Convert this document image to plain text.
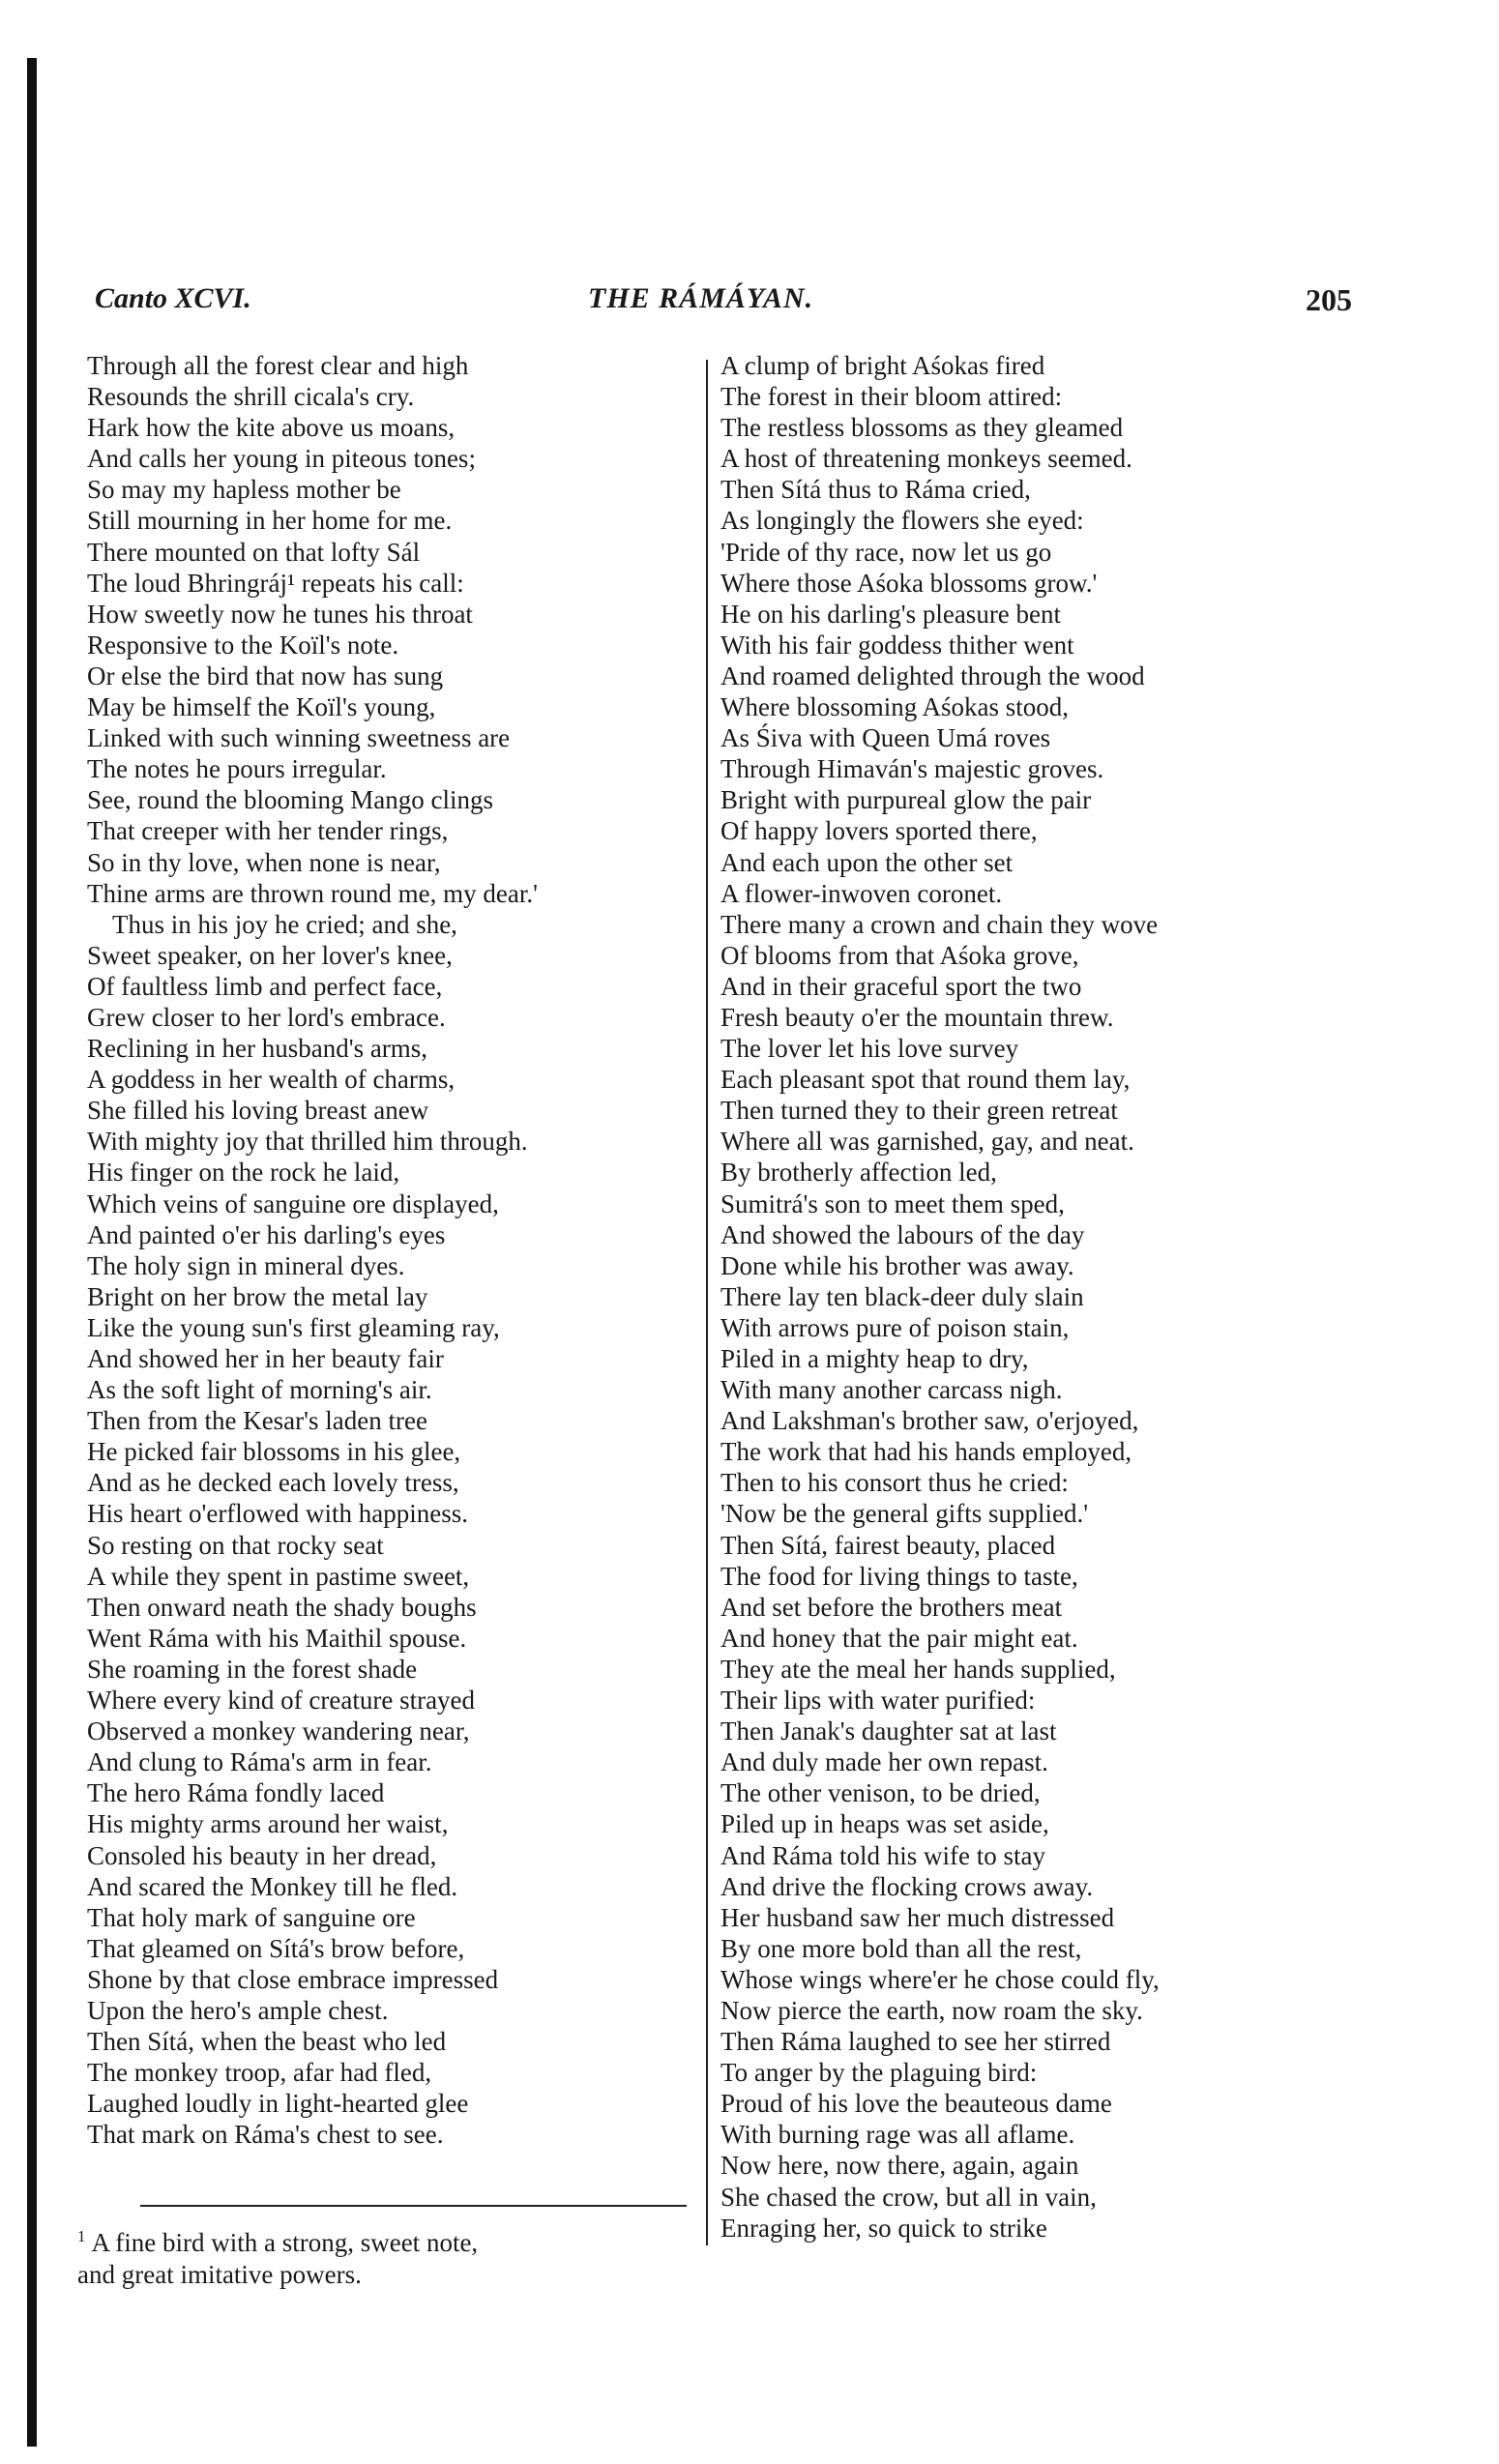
Canto XCVI.	THE RÁMÁYAN.	205
Through all the forest clear and high
Resounds the shrill cicala's cry.
Hark how the kite above us moans,
And calls her young in piteous tones;
So may my hapless mother be
Still mourning in her home for me.
There mounted on that lofty Sál
The loud Bhringráj¹ repeats his call:
How sweetly now he tunes his throat
Responsive to the Koïl's note.
Or else the bird that now has sung
May be himself the Koïl's young,
Linked with such winning sweetness are
The notes he pours irregular.
See, round the blooming Mango clings
That creeper with her tender rings,
So in thy love, when none is near,
Thine arms are thrown round me, my dear.'
Thus in his joy he cried; and she,
Sweet speaker, on her lover's knee,
Of faultless limb and perfect face,
Grew closer to her lord's embrace.
Reclining in her husband's arms,
A goddess in her wealth of charms,
She filled his loving breast anew
With mighty joy that thrilled him through.
His finger on the rock he laid,
Which veins of sanguine ore displayed,
And painted o'er his darling's eyes
The holy sign in mineral dyes.
Bright on her brow the metal lay
Like the young sun's first gleaming ray,
And showed her in her beauty fair
As the soft light of morning's air.
Then from the Kesar's laden tree
He picked fair blossoms in his glee,
And as he decked each lovely tress,
His heart o'erflowed with happiness.
So resting on that rocky seat
A while they spent in pastime sweet,
Then onward neath the shady boughs
Went Ráma with his Maithil spouse.
She roaming in the forest shade
Where every kind of creature strayed
Observed a monkey wandering near,
And clung to Ráma's arm in fear.
The hero Ráma fondly laced
His mighty arms around her waist,
Consoled his beauty in her dread,
And scared the Monkey till he fled.
That holy mark of sanguine ore
That gleamed on Sítá's brow before,
Shone by that close embrace impressed
Upon the hero's ample chest.
Then Sítá, when the beast who led
The monkey troop, afar had fled,
Laughed loudly in light-hearted glee
That mark on Ráma's chest to see.
A clump of bright Aśokas fired
The forest in their bloom attired:
The restless blossoms as they gleamed
A host of threatening monkeys seemed.
Then Sítá thus to Ráma cried,
As longingly the flowers she eyed:
'Pride of thy race, now let us go
Where those Aśoka blossoms grow.'
He on his darling's pleasure bent
With his fair goddess thither went
And roamed delighted through the wood
Where blossoming Aśokas stood,
As Śiva with Queen Umá roves
Through Himaván's majestic groves.
Bright with purpureal glow the pair
Of happy lovers sported there,
And each upon the other set
A flower-inwoven coronet.
There many a crown and chain they wove
Of blooms from that Aśoka grove,
And in their graceful sport the two
Fresh beauty o'er the mountain threw.
The lover let his love survey
Each pleasant spot that round them lay,
Then turned they to their green retreat
Where all was garnished, gay, and neat.
By brotherly affection led,
Sumitrá's son to meet them sped,
And showed the labours of the day
Done while his brother was away.
There lay ten black-deer duly slain
With arrows pure of poison stain,
Piled in a mighty heap to dry,
With many another carcass nigh.
And Lakshman's brother saw, o'erjoyed,
The work that had his hands employed,
Then to his consort thus he cried:
'Now be the general gifts supplied.'
Then Sítá, fairest beauty, placed
The food for living things to taste,
And set before the brothers meat
And honey that the pair might eat.
They ate the meal her hands supplied,
Their lips with water purified:
Then Janak's daughter sat at last
And duly made her own repast.
The other venison, to be dried,
Piled up in heaps was set aside,
And Ráma told his wife to stay
And drive the flocking crows away.
Her husband saw her much distressed
By one more bold than all the rest,
Whose wings where'er he chose could fly,
Now pierce the earth, now roam the sky.
Then Ráma laughed to see her stirred
To anger by the plaguing bird:
Proud of his love the beauteous dame
With burning rage was all aflame.
Now here, now there, again, again
She chased the crow, but all in vain,
Enraging her, so quick to strike
$^1$ A fine bird with a strong, sweet note,
and great imitative powers.
